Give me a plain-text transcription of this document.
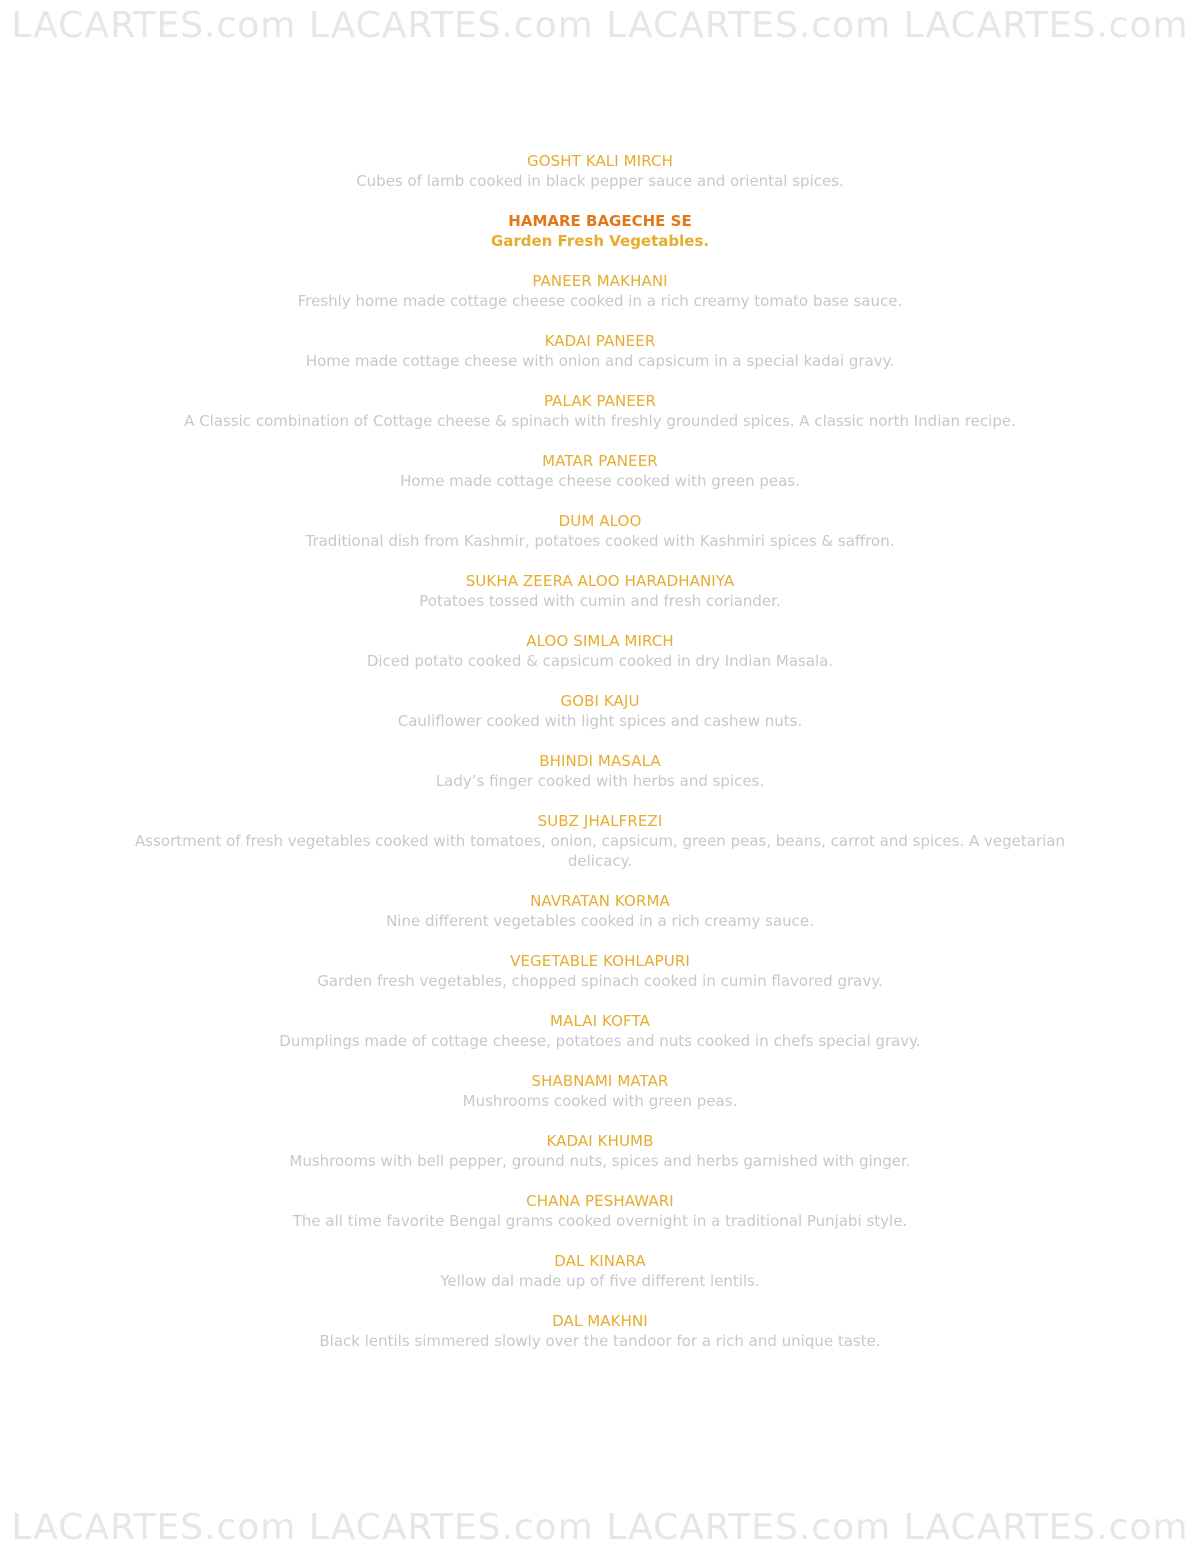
LACARTES.com LACARTES.com LACARTES.com LACARTES.com
GOSHT KALI MIRCH
Cubes of lamb cooked in black pepper sauce and oriental spices.
HAMARE BAGECHE SE
Garden Fresh Vegetables.
PANEER MAKHANI
Freshly home made cottage cheese cooked in a rich creamy tomato base sauce.
KADAI PANEER
Home made cottage cheese with onion and capsicum in a special kadai gravy.
PALAK PANEER
A Classic combination of Cottage cheese & spinach with freshly grounded spices. A classic north Indian recipe.
MATAR PANEER
Home made cottage cheese cooked with green peas.
DUM ALOO
Traditional dish from Kashmir, potatoes cooked with Kashmiri spices & saffron.
SUKHA ZEERA ALOO HARADHANIYA
Potatoes tossed with cumin and fresh coriander.
ALOO SIMLA MIRCH
Diced potato cooked & capsicum cooked in dry Indian Masala.
GOBI KAJU
Cauliflower cooked with light spices and cashew nuts.
BHINDI MASALA
Lady’s finger cooked with herbs and spices.
SUBZ JHALFREZI
Assortment of fresh vegetables cooked with tomatoes, onion, capsicum, green peas, beans, carrot and spices. A vegetarian delicacy.
NAVRATAN KORMA
Nine different vegetables cooked in a rich creamy sauce.
VEGETABLE KOHLAPURI
Garden fresh vegetables, chopped spinach cooked in cumin flavored gravy.
MALAI KOFTA
Dumplings made of cottage cheese, potatoes and nuts cooked in chefs special gravy.
SHABNAMI MATAR
Mushrooms cooked with green peas.
KADAI KHUMB
Mushrooms with bell pepper, ground nuts, spices and herbs garnished with ginger.
CHANA PESHAWARI
The all time favorite Bengal grams cooked overnight in a traditional Punjabi style.
DAL KINARA
Yellow dal made up of five different lentils.
DAL MAKHNI
Black lentils simmered slowly over the tandoor for a rich and unique taste.
LACARTES.com LACARTES.com LACARTES.com LACARTES.com
